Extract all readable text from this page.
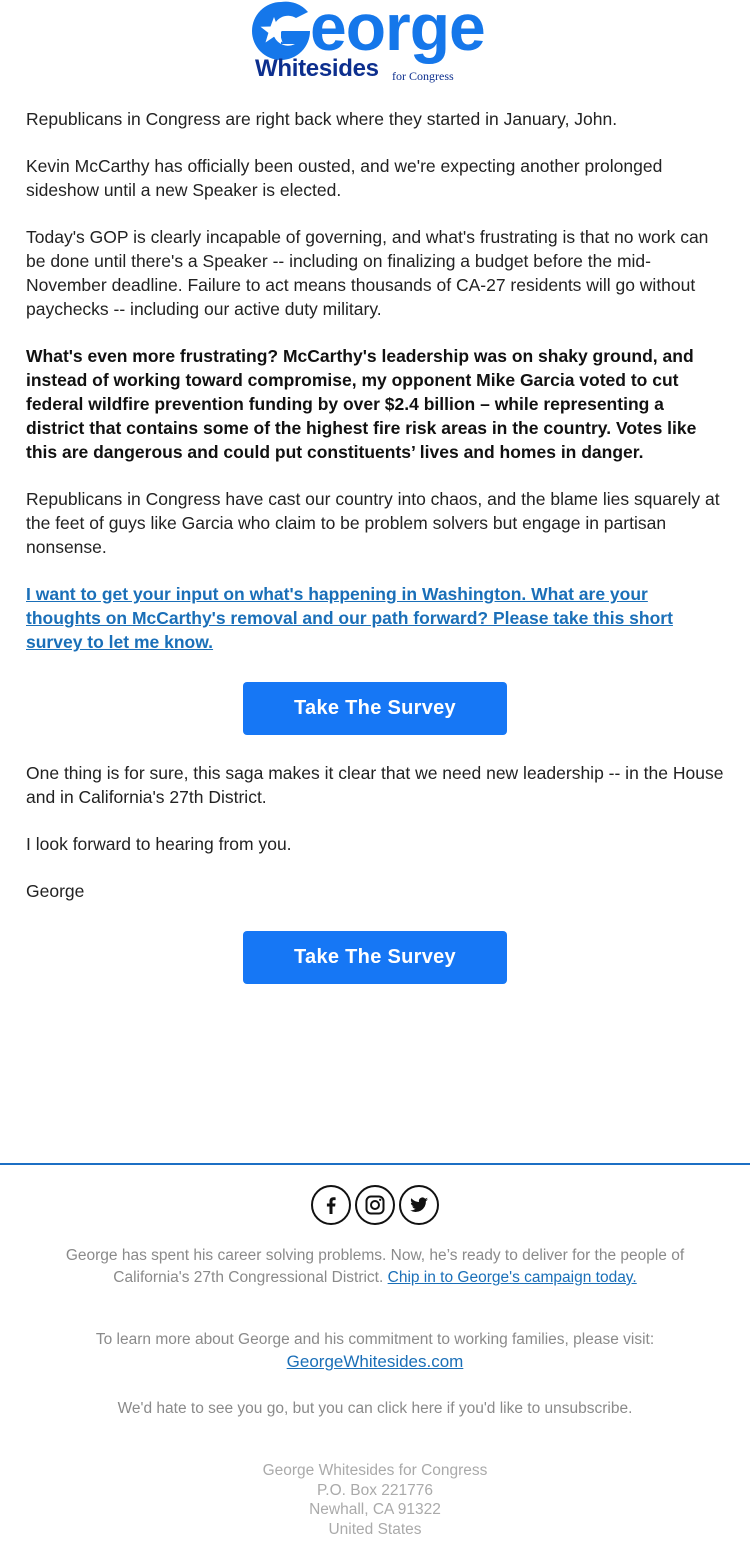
eorge
Whitesides for Congress

Republicans in Congress are right back where they started in January, John.

Kevin McCarthy has officially been ousted, and we're expecting another prolonged sideshow until a new Speaker is elected.

Today's GOP is clearly incapable of governing, and what's frustrating is that no work can be done until there's a Speaker -- including on finalizing a budget before the mid-November deadline. Failure to act means thousands of CA-27 residents will go without paychecks -- including our active duty military.

What's even more frustrating? McCarthy's leadership was on shaky ground, and instead of working toward compromise, my opponent Mike Garcia voted to cut federal wildfire prevention funding by over $2.4 billion – while representing a district that contains some of the highest fire risk areas in the country. Votes like this are dangerous and could put constituents’ lives and homes in danger.

Republicans in Congress have cast our country into chaos, and the blame lies squarely at the feet of guys like Garcia who claim to be problem solvers but engage in partisan nonsense.

I want to get your input on what's happening in Washington. What are your thoughts on McCarthy's removal and our path forward? Please take this short survey to let me know.

Take The Survey

One thing is for sure, this saga makes it clear that we need new leadership -- in the House and in California's 27th District.

I look forward to hearing from you.

George

Take The Survey
George has spent his career solving problems. Now, he’s ready to deliver for the people of California's 27th Congressional District. Chip in to George's campaign today.
To learn more about George and his commitment to working families, please visit:
GeorgeWhitesides.com
We'd hate to see you go, but you can click here if you'd like to unsubscribe.
George Whitesides for Congress
P.O. Box 221776
Newhall, CA 91322
United States
